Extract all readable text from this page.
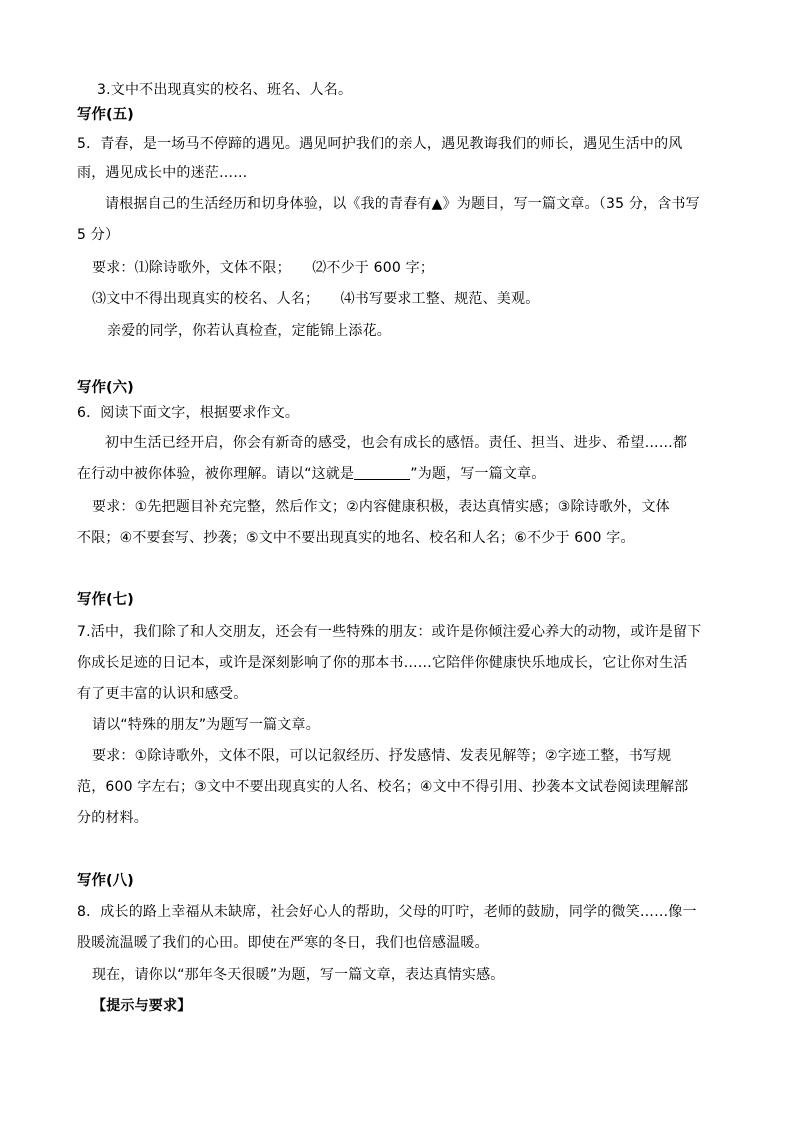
3.文中不出现真实的校名、班名、人名。
写作(五)
5．青春，是一场马不停蹄的遇见。遇见呵护我们的亲人，遇见教诲我们的师长，遇见生活中的风
雨，遇见成长中的迷茫……
请根据自己的生活经历和切身体验，以《我的青春有▲》为题目，写一篇文章。（35 分，含书写
5 分）
要求：⑴除诗歌外，文体不限；　　⑵不少于 600 字；
⑶文中不得出现真实的校名、人名；　　⑷书写要求工整、规范、美观。
亲爱的同学，你若认真检查，定能锦上添花。
写作(六)
6．阅读下面文字，根据要求作文。
初中生活已经开启，你会有新奇的感受，也会有成长的感悟。责任、担当、进步、希望……都
在行动中被你体验，被你理解。请以“这就是	”为题，写一篇文章。
要求：①先把题目补充完整，然后作文；②内容健康积极，表达真情实感；③除诗歌外，文体
不限；④不要套写、抄袭；⑤文中不要出现真实的地名、校名和人名；⑥不少于 600 字。
写作(七)
7.活中，我们除了和人交朋友，还会有一些特殊的朋友：或许是你倾注爱心养大的动物，或许是留下
你成长足迹的日记本，或许是深刻影响了你的那本书……它陪伴你健康快乐地成长，它让你对生活
有了更丰富的认识和感受。
请以“特殊的朋友”为题写一篇文章。
要求：①除诗歌外，文体不限，可以记叙经历、抒发感情、发表见解等；②字迹工整，书写规
范，600 字左右；③文中不要出现真实的人名、校名；④文中不得引用、抄袭本文试卷阅读理解部
分的材料。
写作(八)
8．成长的路上幸福从未缺席，社会好心人的帮助，父母的叮咛，老师的鼓励，同学的微笑……像一
股暖流温暖了我们的心田。即使在严寒的冬日，我们也倍感温暖。
现在，请你以“那年冬天很暖”为题，写一篇文章，表达真情实感。
【提示与要求】
